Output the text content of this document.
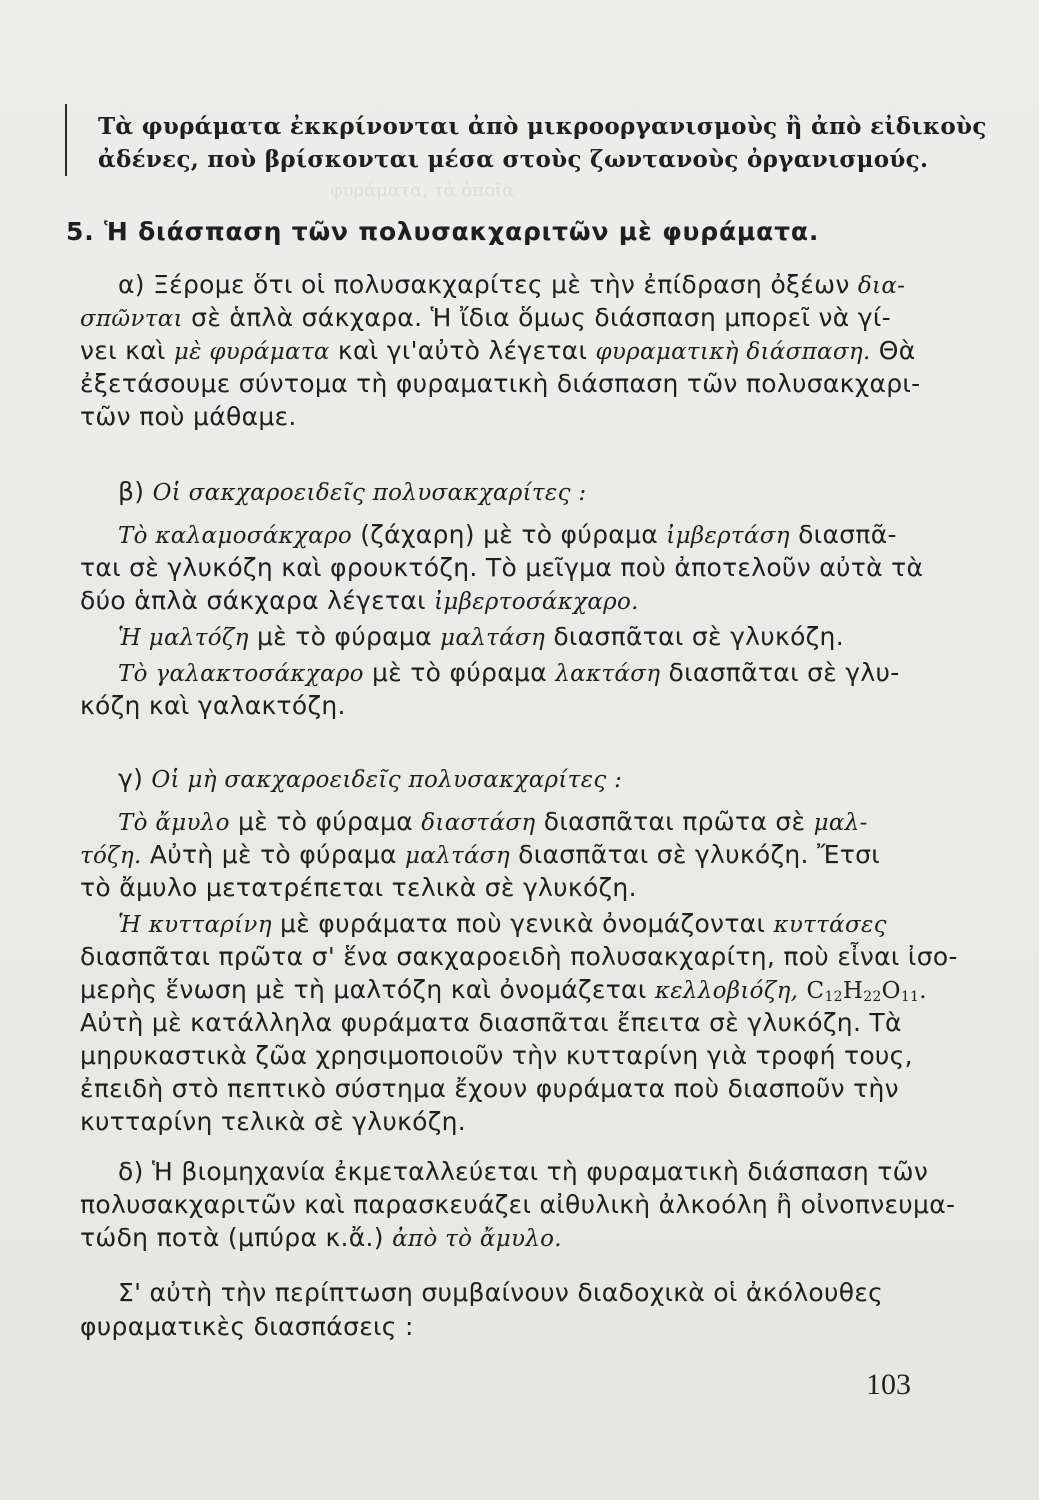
φυράματα, τὰ ὁποῖα
Τὰ φυράματα ἐκκρίνονται ἀπὸ μικροοργανισμοὺς ἢ ἀπὸ εἰδικοὺς
ἀδένες, ποὺ βρίσκονται μέσα στοὺς ζωντανοὺς ὀργανισμούς.
5. Ἡ διάσπαση τῶν πολυσακχαριτῶν μὲ φυράματα.
α) Ξέρομε ὅτι οἱ πολυσακχαρίτες μὲ τὴν ἐπίδραση ὀξέων δια-
σπῶνται σὲ ἁπλὰ σάκχαρα. Ἡ ἴδια ὅμως διάσπαση μπορεῖ νὰ γί-
νει καὶ μὲ φυράματα καὶ γι'αὐτὸ λέγεται φυραματικὴ διάσπαση. Θὰ
ἐξετάσουμε σύντομα τὴ φυραματικὴ διάσπαση τῶν πολυσακχαρι-
τῶν ποὺ μάθαμε.
β) Οἱ σακχαροειδεῖς πολυσακχαρίτες :
Τὸ καλαμοσάκχαρο (ζάχαρη) μὲ τὸ φύραμα ἰμβερτάση διασπᾶ-
ται σὲ γλυκόζη καὶ φρουκτόζη. Τὸ μεῖγμα ποὺ ἀποτελοῦν αὐτὰ τὰ
δύο ἁπλὰ σάκχαρα λέγεται ἰμβερτοσάκχαρο.
Ἡ μαλτόζη μὲ τὸ φύραμα μαλτάση διασπᾶται σὲ γλυκόζη.
Τὸ γαλακτοσάκχαρο μὲ τὸ φύραμα λακτάση διασπᾶται σὲ γλυ-
κόζη καὶ γαλακτόζη.
γ) Οἱ μὴ σακχαροειδεῖς πολυσακχαρίτες :
Τὸ ἄμυλο μὲ τὸ φύραμα διαστάση διασπᾶται πρῶτα σὲ μαλ-
τόζη. Αὐτὴ μὲ τὸ φύραμα μαλτάση διασπᾶται σὲ γλυκόζη. Ἔτσι
τὸ ἄμυλο μετατρέπεται τελικὰ σὲ γλυκόζη.
Ἡ κυτταρίνη μὲ φυράματα ποὺ γενικὰ ὀνομάζονται κυττάσες
διασπᾶται πρῶτα σ' ἕνα σακχαροειδὴ πολυσακχαρίτη, ποὺ εἶναι ἰσο-
μερὴς ἕνωση μὲ τὴ μαλτόζη καὶ ὀνομάζεται κελλοβιόζη, $C_{12}H_{22}O_{11}$.
Αὐτὴ μὲ κατάλληλα φυράματα διασπᾶται ἔπειτα σὲ γλυκόζη. Τὰ
μηρυκαστικὰ ζῶα χρησιμοποιοῦν τὴν κυτταρίνη γιὰ τροφή τους,
ἐπειδὴ στὸ πεπτικὸ σύστημα ἔχουν φυράματα ποὺ διασποῦν τὴν
κυτταρίνη τελικὰ σὲ γλυκόζη.
δ) Ἡ βιομηχανία ἐκμεταλλεύεται τὴ φυραματικὴ διάσπαση τῶν
πολυσακχαριτῶν καὶ παρασκευάζει αἰθυλικὴ ἀλκοόλη ἢ οἰνοπνευμα-
τώδη ποτὰ (μπύρα κ.ἄ.) ἀπὸ τὸ ἄμυλο.
Σ' αὐτὴ τὴν περίπτωση συμβαίνουν διαδοχικὰ οἱ ἀκόλουθες
φυραματικὲς διασπάσεις :
103
